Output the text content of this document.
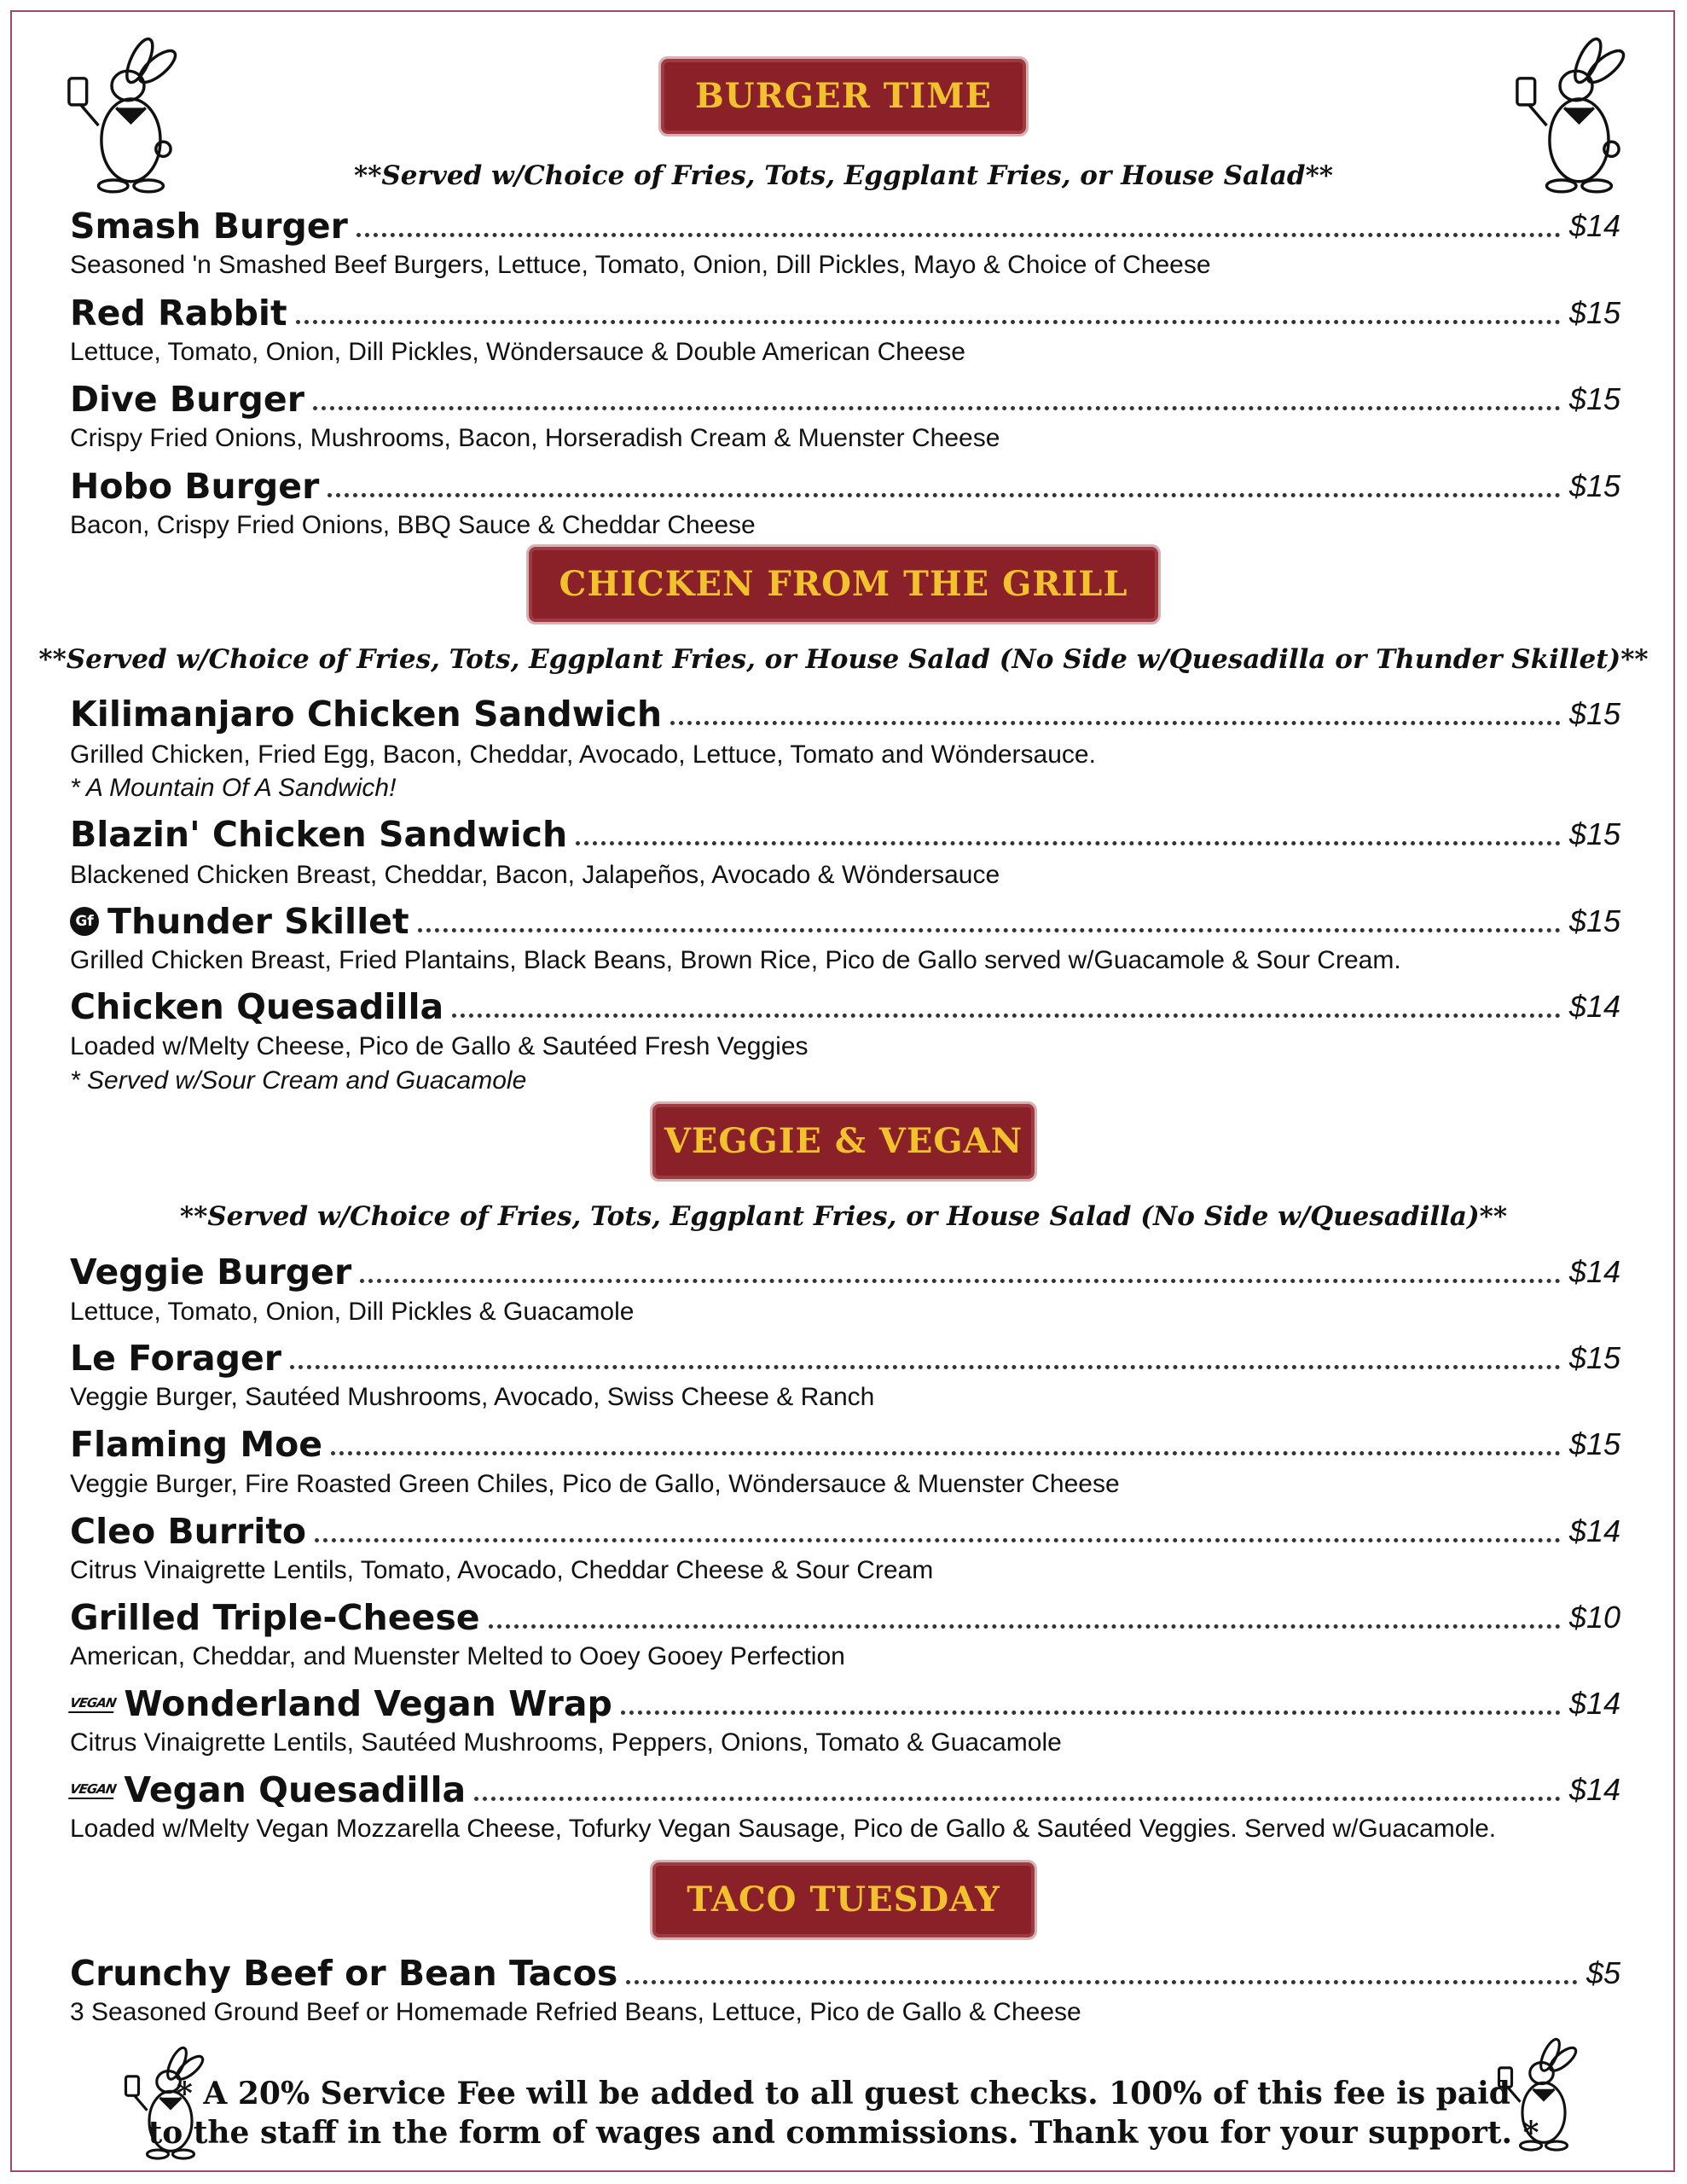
BURGER TIME
**Served w/Choice of Fries, Tots, Eggplant Fries, or House Salad**
Smash Burger	$14
Seasoned 'n Smashed Beef Burgers, Lettuce, Tomato, Onion, Dill Pickles, Mayo & Choice of Cheese
Red Rabbit	$15
Lettuce, Tomato, Onion, Dill Pickles, Wöndersauce & Double American Cheese
Dive Burger	$15
Crispy Fried Onions, Mushrooms, Bacon, Horseradish Cream & Muenster Cheese
Hobo Burger	$15
Bacon, Crispy Fried Onions, BBQ Sauce & Cheddar Cheese
CHICKEN FROM THE GRILL
**Served w/Choice of Fries, Tots, Eggplant Fries, or House Salad (No Side w/Quesadilla or Thunder Skillet)**
Kilimanjaro Chicken Sandwich	$15
Grilled Chicken, Fried Egg, Bacon, Cheddar, Avocado, Lettuce, Tomato and Wöndersauce.
* A Mountain Of A Sandwich!
Blazin' Chicken Sandwich	$15
Blackened Chicken Breast, Cheddar, Bacon, Jalapeños, Avocado & Wöndersauce
Gf Thunder Skillet	$15
Grilled Chicken Breast, Fried Plantains, Black Beans, Brown Rice, Pico de Gallo served w/Guacamole & Sour Cream.
Chicken Quesadilla	$14
Loaded w/Melty Cheese, Pico de Gallo & Sautéed Fresh Veggies
* Served w/Sour Cream and Guacamole
VEGGIE & VEGAN
**Served w/Choice of Fries, Tots, Eggplant Fries, or House Salad (No Side w/Quesadilla)**
Veggie Burger	$14
Lettuce, Tomato, Onion, Dill Pickles & Guacamole
Le Forager	$15
Veggie Burger, Sautéed Mushrooms, Avocado, Swiss Cheese & Ranch
Flaming Moe	$15
Veggie Burger, Fire Roasted Green Chiles, Pico de Gallo, Wöndersauce & Muenster Cheese
Cleo Burrito	$14
Citrus Vinaigrette Lentils, Tomato, Avocado, Cheddar Cheese & Sour Cream
Grilled Triple-Cheese	$10
American, Cheddar, and Muenster Melted to Ooey Gooey Perfection
VEGAN Wonderland Vegan Wrap	$14
Citrus Vinaigrette Lentils, Sautéed Mushrooms, Peppers, Onions, Tomato & Guacamole
VEGAN Vegan Quesadilla	$14
Loaded w/Melty Vegan Mozzarella Cheese, Tofurky Vegan Sausage, Pico de Gallo & Sautéed Veggies. Served w/Guacamole.
TACO TUESDAY
Crunchy Beef or Bean Tacos	$5
3 Seasoned Ground Beef or Homemade Refried Beans, Lettuce, Pico de Gallo & Cheese
* A 20% Service Fee will be added to all guest checks. 100% of this fee is paid
to the staff in the form of wages and commissions. Thank you for your support. *
